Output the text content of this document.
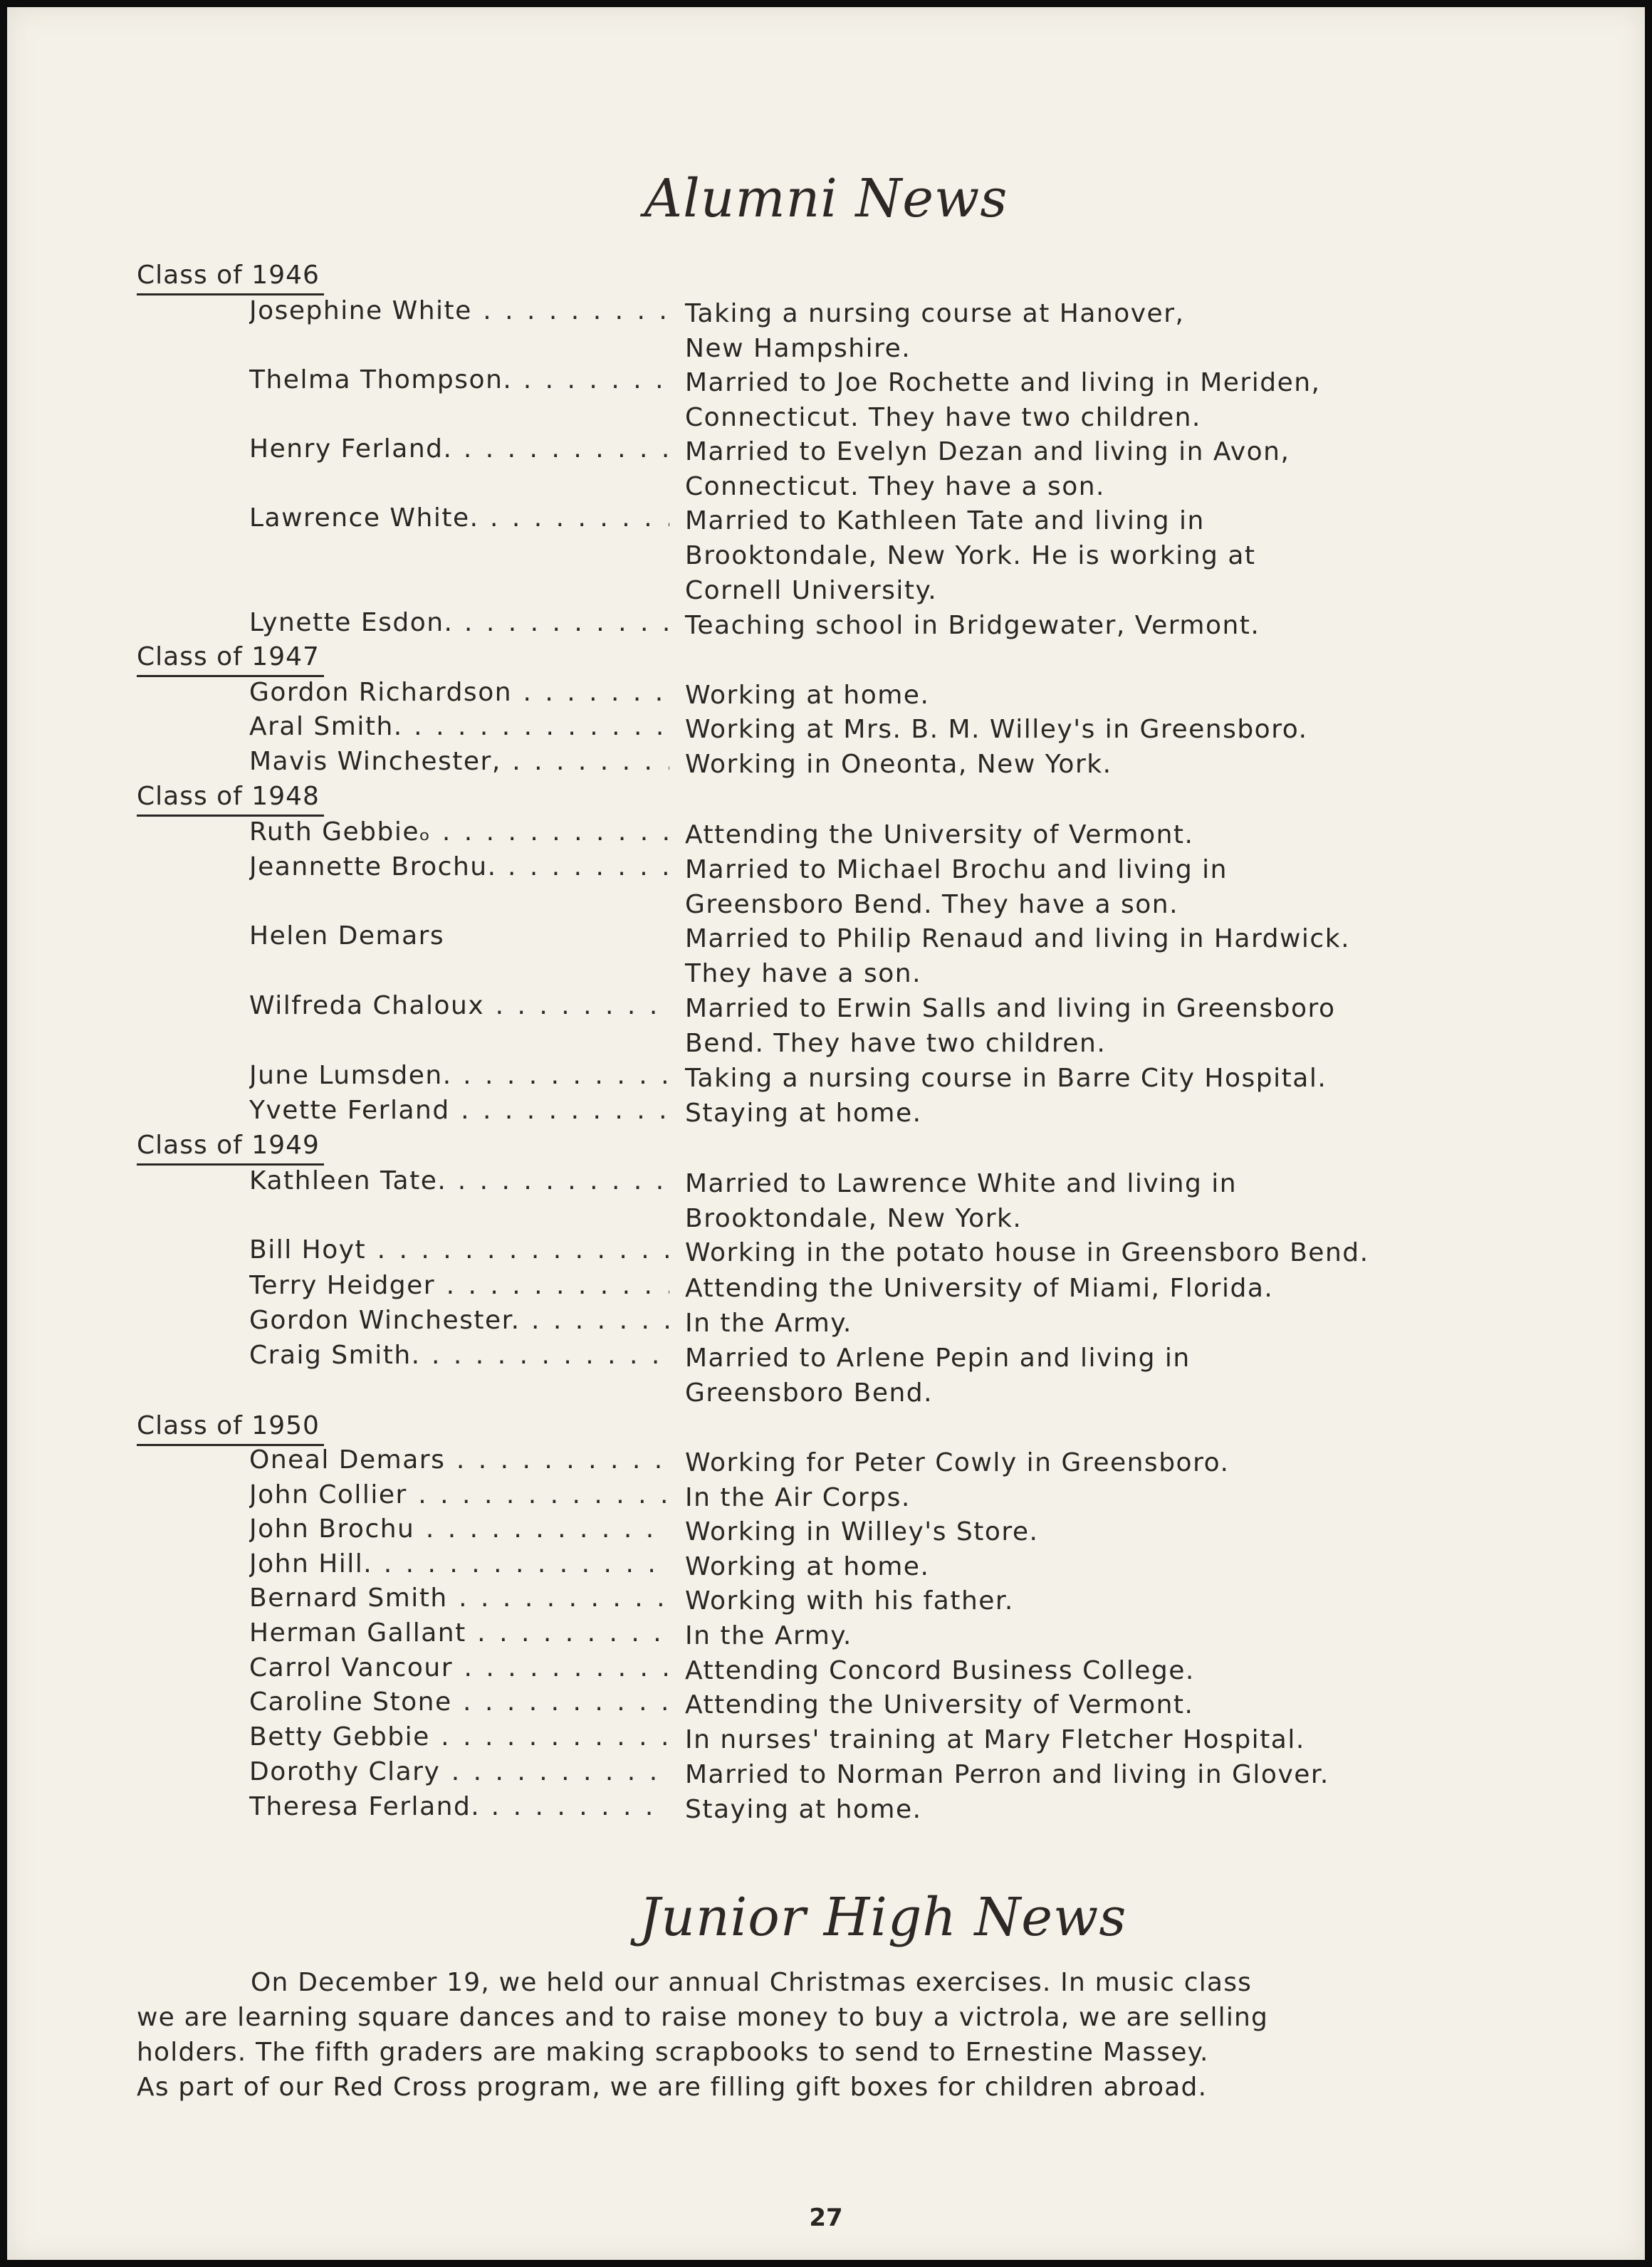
Alumni News
Class of 1946
Josephine White . . .	Taking a nursing course at Hanover,
New Hampshire.
Thelma Thompson. . . .	Married to Joe Rochette and living in Meriden,
Connecticut. They have two children.
Henry Ferland. . . .	Married to Evelyn Dezan and living in Avon,
Connecticut. They have a son.
Lawrence White. . . .	Married to Kathleen Tate and living in
Brooktondale, New York. He is working at
Cornell University.
Lynette Esdon. . . .	Teaching school in Bridgewater, Vermont.
Class of 1947
Gordon Richardson . . .	Working at home.
Aral Smith. . . .	Working at Mrs. B. M. Willey's in Greensboro.
Mavis Winchester, . . .	Working in Oneonta, New York.
Class of 1948
Ruth Gebbieₒ . . .	Attending the University of Vermont.
Jeannette Brochu. . . .	Married to Michael Brochu and living in
Greensboro Bend. They have a son.
Helen Demars	Married to Philip Renaud and living in Hardwick.
They have a son.
Wilfreda Chaloux . . .	Married to Erwin Salls and living in Greensboro
Bend. They have two children.
June Lumsden. . . .	Taking a nursing course in Barre City Hospital.
Yvette Ferland . . .	Staying at home.
Class of 1949
Kathleen Tate. . . .	Married to Lawrence White and living in
Brooktondale, New York.
Bill Hoyt . . .	Working in the potato house in Greensboro Bend.
Terry Heidger . . .	Attending the University of Miami, Florida.
Gordon Winchester. . . .	In the Army.
Craig Smith. . . .	Married to Arlene Pepin and living in
Greensboro Bend.
Class of 1950
Oneal Demars . . .	Working for Peter Cowly in Greensboro.
John Collier . . .	In the Air Corps.
John Brochu . . .	Working in Willey's Store.
John Hill. . . .	Working at home.
Bernard Smith . . .	Working with his father.
Herman Gallant . . .	In the Army.
Carrol Vancour . . .	Attending Concord Business College.
Caroline Stone . . .	Attending the University of Vermont.
Betty Gebbie . . .	In nurses' training at Mary Fletcher Hospital.
Dorothy Clary . . .	Married to Norman Perron and living in Glover.
Theresa Ferland. . . .	Staying at home.
Junior High News
On December 19, we held our annual Christmas exercises. In music class
we are learning square dances and to raise money to buy a victrola, we are selling
holders. The fifth graders are making scrapbooks to send to Ernestine Massey.
As part of our Red Cross program, we are filling gift boxes for children abroad.
27
